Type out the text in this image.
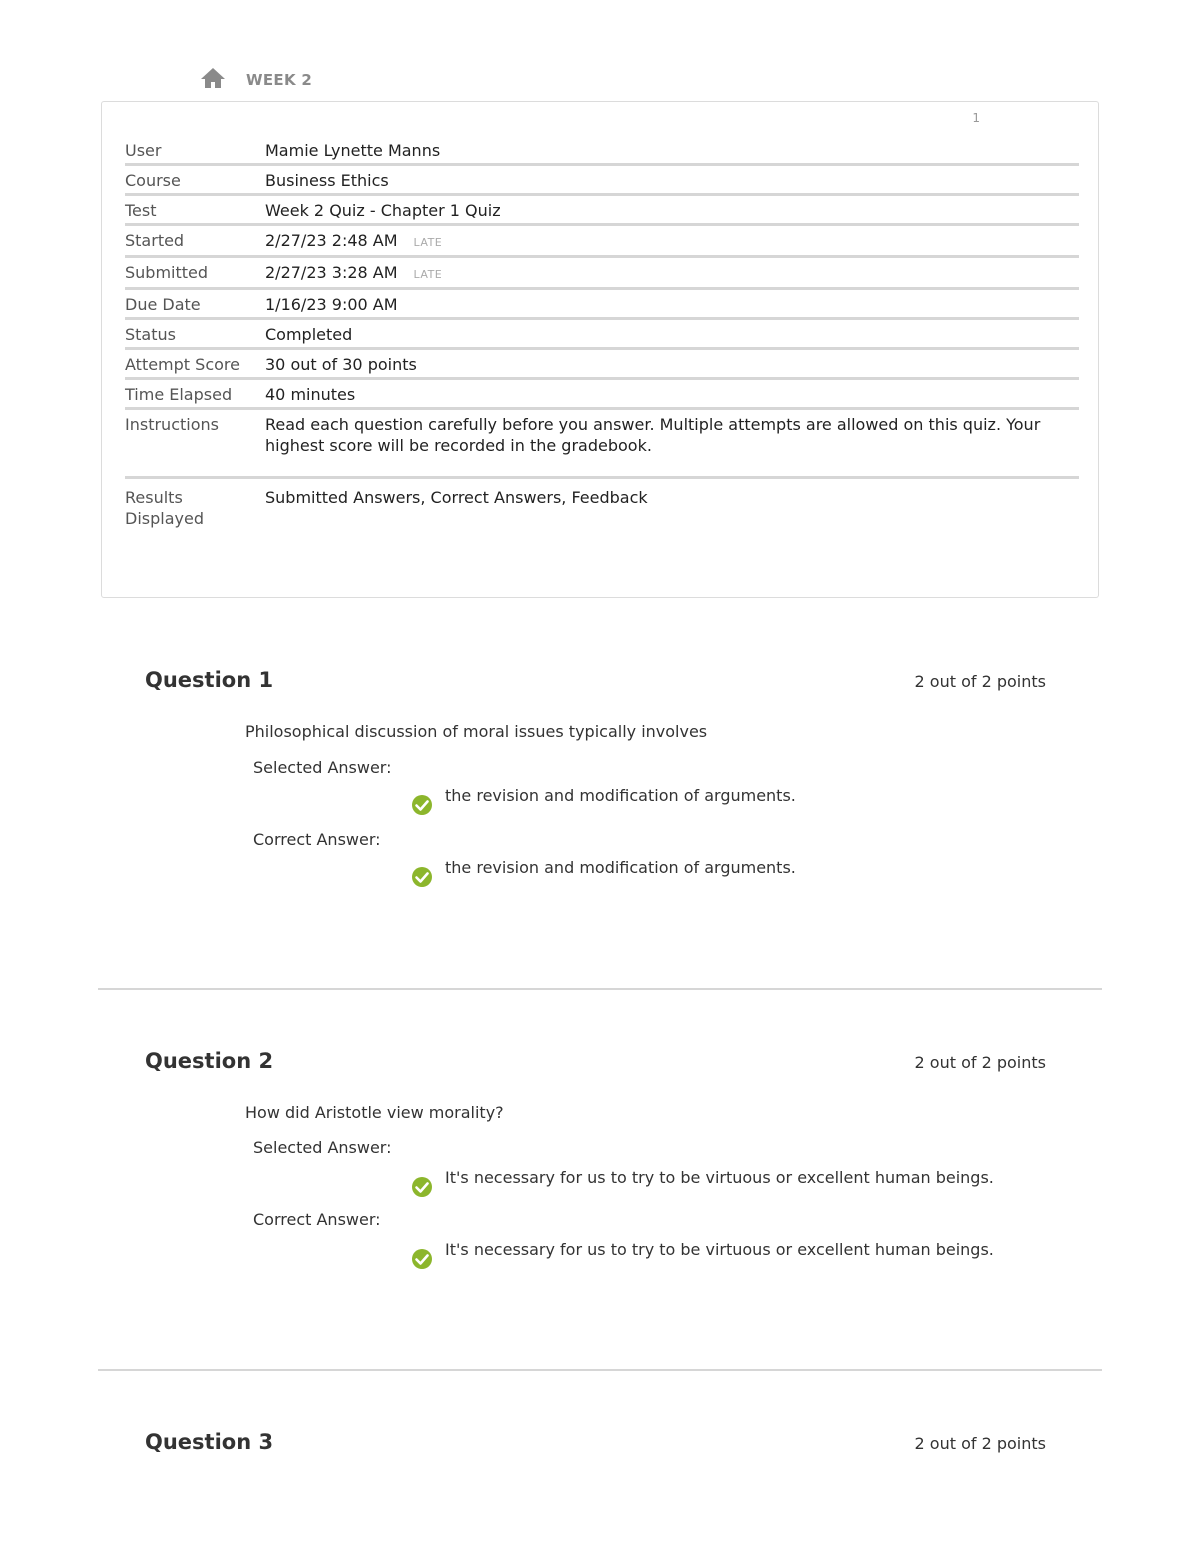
WEEK 2
1
User	Mamie Lynette Manns
Course	Business Ethics
Test	Week 2 Quiz - Chapter 1 Quiz
Started	2/27/23 2:48 AM LATE
Submitted	2/27/23 3:28 AM LATE
Due Date	1/16/23 9:00 AM
Status	Completed
Attempt Score	30 out of 30 points
Time Elapsed	40 minutes
Instructions	Read each question carefully before you answer. Multiple attempts are allowed on this quiz. Your highest score will be recorded in the gradebook.
Results Displayed	Submitted Answers, Correct Answers, Feedback
Question 1	2 out of 2 points
Philosophical discussion of moral issues typically involves
Selected Answer:
the revision and modification of arguments.
Correct Answer:
the revision and modification of arguments.
Question 2	2 out of 2 points
How did Aristotle view morality?
Selected Answer:
It's necessary for us to try to be virtuous or excellent human beings.
Correct Answer:
It's necessary for us to try to be virtuous or excellent human beings.
Question 3	2 out of 2 points
